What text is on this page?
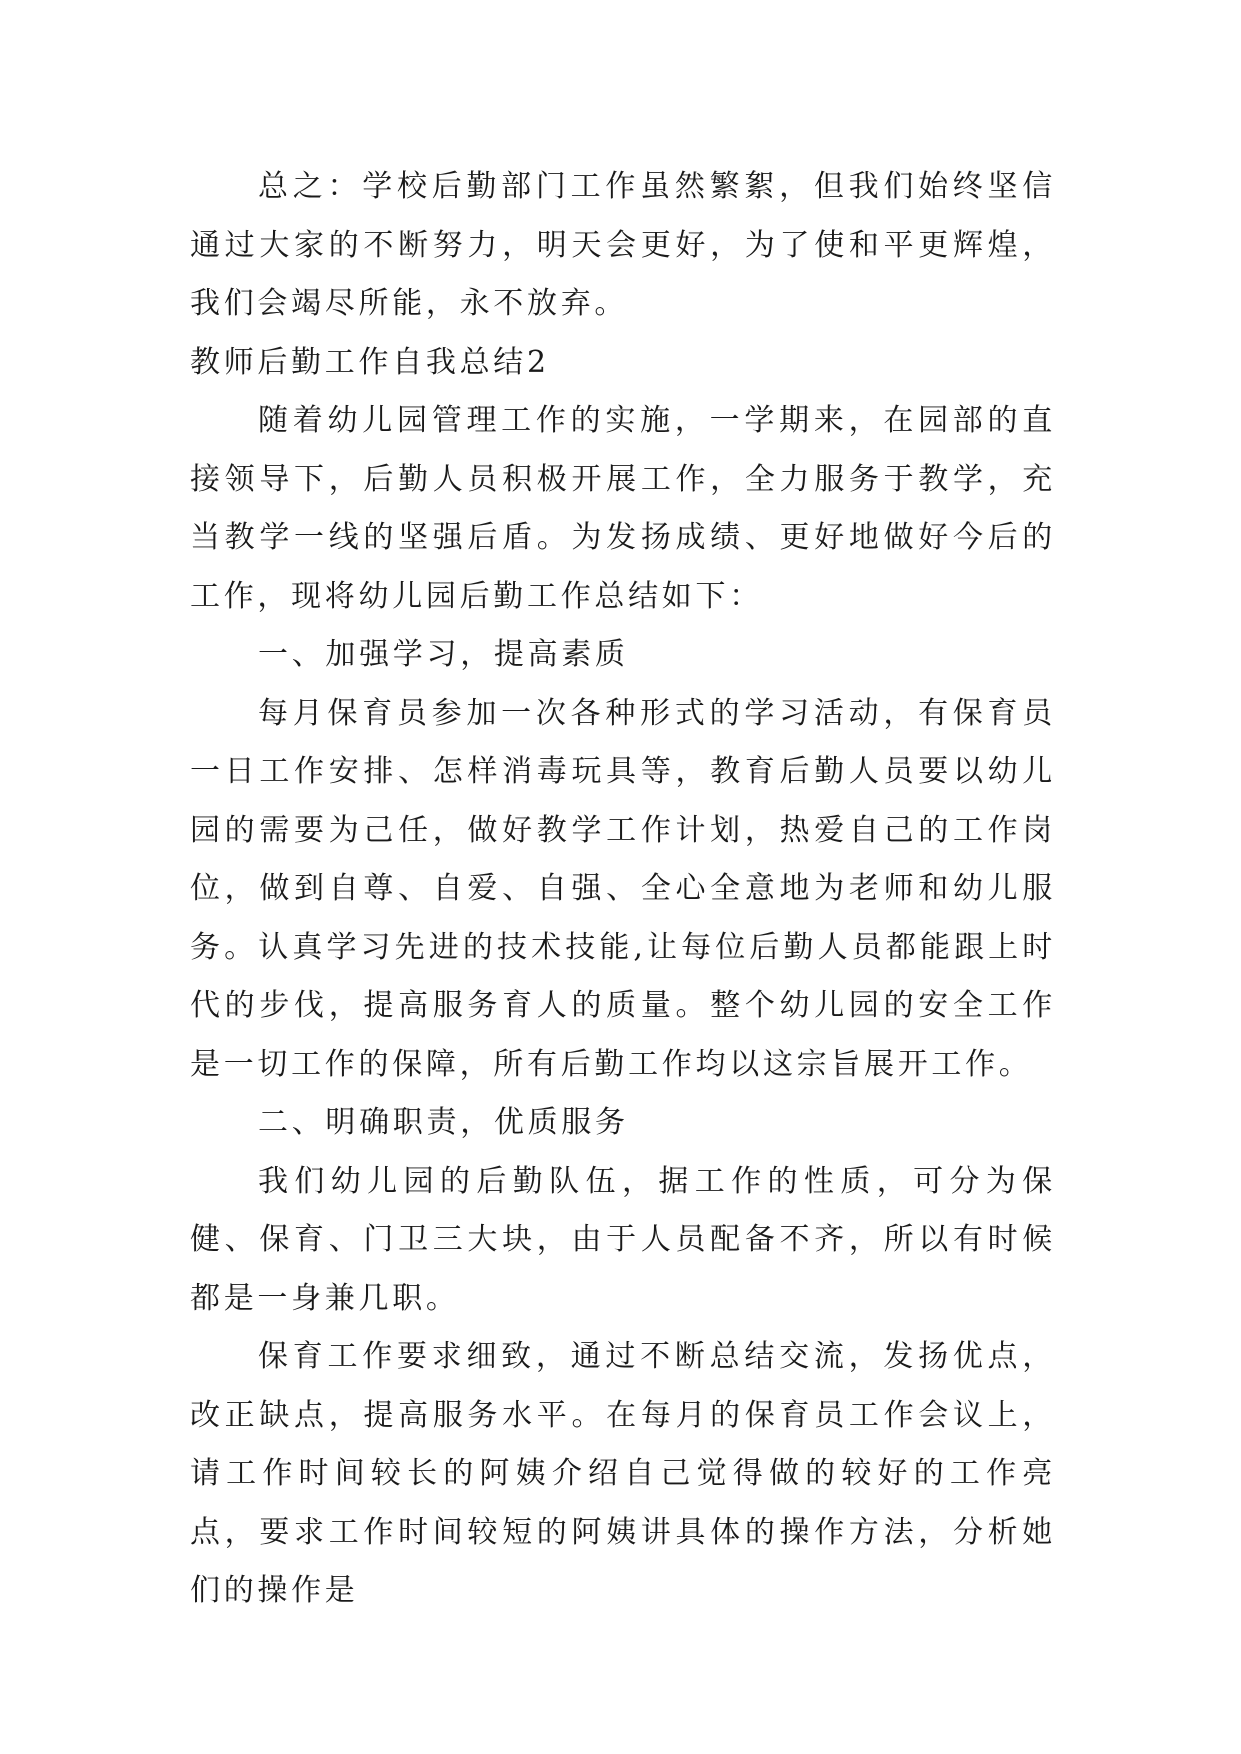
总之：学校后勤部门工作虽然繁絮，但我们始终坚信通过大家的不断努力，明天会更好，为了使和平更辉煌，我们会竭尽所能，永不放弃。

教师后勤工作自我总结2

随着幼儿园管理工作的实施，一学期来，在园部的直接领导下，后勤人员积极开展工作，全力服务于教学，充当教学一线的坚强后盾。为发扬成绩、更好地做好今后的工作，现将幼儿园后勤工作总结如下：

一、加强学习，提高素质

每月保育员参加一次各种形式的学习活动，有保育员一日工作安排、怎样消毒玩具等，教育后勤人员要以幼儿园的需要为己任，做好教学工作计划，热爱自己的工作岗位，做到自尊、自爱、自强、全心全意地为老师和幼儿服务。认真学习先进的技术技能,让每位后勤人员都能跟上时代的步伐，提高服务育人的质量。整个幼儿园的安全工作是一切工作的保障，所有后勤工作均以这宗旨展开工作。

二、明确职责，优质服务

我们幼儿园的后勤队伍，据工作的性质，可分为保健、保育、门卫三大块，由于人员配备不齐，所以有时候都是一身兼几职。

保育工作要求细致，通过不断总结交流，发扬优点，改正缺点，提高服务水平。在每月的保育员工作会议上，请工作时间较长的阿姨介绍自己觉得做的较好的工作亮点，要求工作时间较短的阿姨讲具体的操作方法，分析她们的操作是
